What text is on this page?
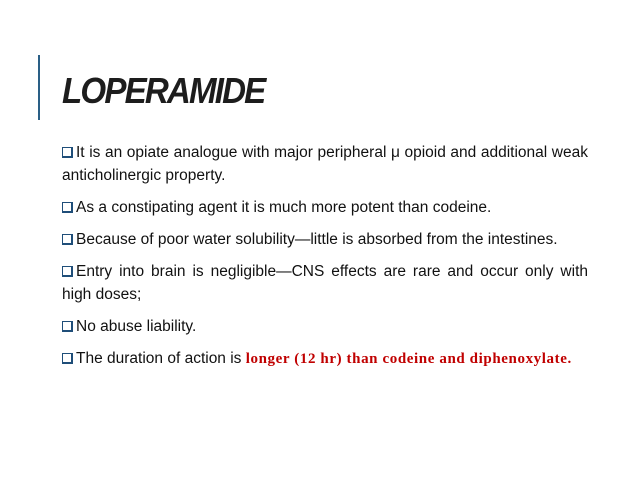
LOPERAMIDE
It is an opiate analogue with major peripheral μ opioid and additional weak anticholinergic property.
As a constipating agent it is much more potent than codeine.
Because of poor water solubility—little is absorbed from the intestines.
Entry into brain is negligible—CNS effects are rare and occur only with high doses;
No abuse liability.
The duration of action is longer (12 hr) than codeine and diphenoxylate.
